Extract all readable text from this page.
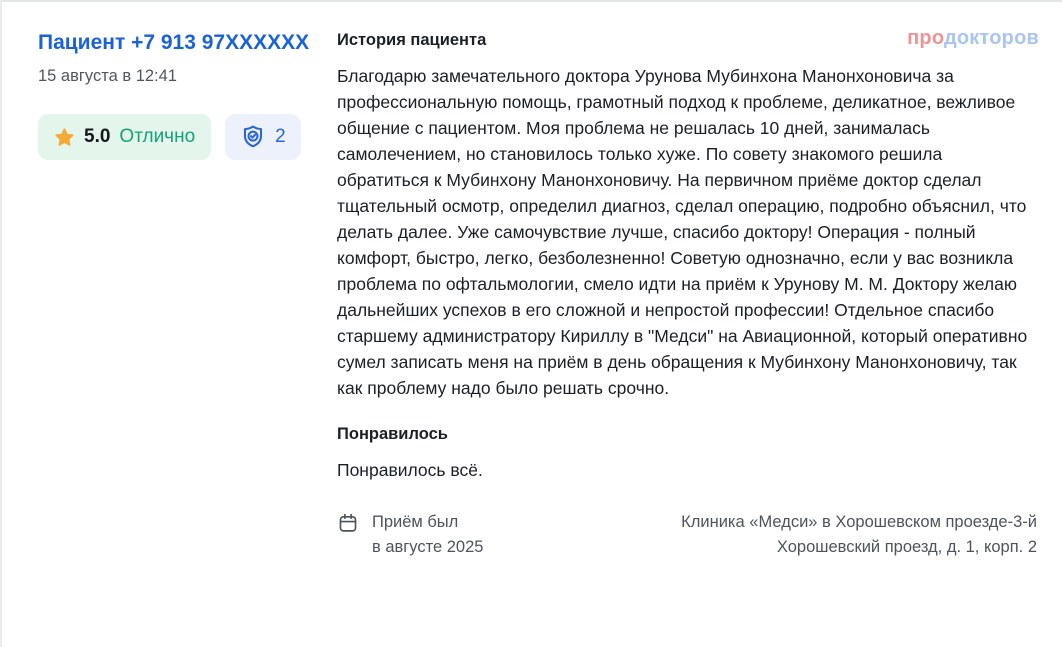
Пациент +7 913 97XXXXXX
15 августа в 12:41
5.0 Отлично	2
История пациента

Благодарю замечательного доктора Урунова Мубинхона Манонхоновича за профессиональную помощь, грамотный подход к проблеме, деликатное, вежливое общение с пациентом. Моя проблема не решалась 10 дней, занималась самолечением, но становилось только хуже. По совету знакомого решила обратиться к Мубинхону Манонхоновичу. На первичном приёме доктор сделал тщательный осмотр, определил диагноз, сделал операцию, подробно объяснил, что делать далее. Уже самочувствие лучше, спасибо доктору! Операция - полный комфорт, быстро, легко, безболезненно! Советую однозначно, если у вас возникла проблема по офтальмологии, смело идти на приём к Урунову М. М. Доктору желаю дальнейших успехов в его сложной и непростой профессии! Отдельное спасибо старшему администратору Кириллу в "Медси" на Авиационной, который оперативно сумел записать меня на приём в день обращения к Мубинхону Манонхоновичу, так как проблему надо было решать срочно.

Понравилось

Понравилось всё.

Приём был
в августе 2025
Клиника «Медси» в Хорошевском проезде-3-й
Хорошевский проезд, д. 1, корп. 2
продокторов
